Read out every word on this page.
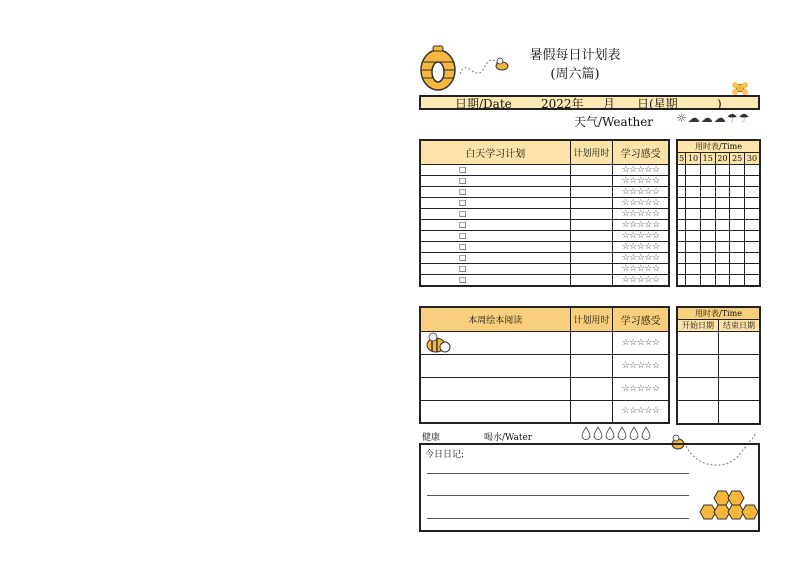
暑假每日计划表
(周六篇)
日期/Date 2022年 月 日(星期	)
天气/Weather ☼☁☁☁☂☂
白天学习计划	计划用时	学习感受
□		☆☆☆☆☆
□		☆☆☆☆☆
□		☆☆☆☆☆
□		☆☆☆☆☆
□		☆☆☆☆☆
□		☆☆☆☆☆
□		☆☆☆☆☆
□		☆☆☆☆☆
□		☆☆☆☆☆
□		☆☆☆☆☆
□		☆☆☆☆☆
用时表/Time					
5	10	15	20	25	30

本周绘本阅读	计划用时	学习感受
		☆☆☆☆☆
		☆☆☆☆☆
		☆☆☆☆☆
		☆☆☆☆☆
用时表/Time	
开始日期	结束日期

健康	喝水/Water
今日日记:
